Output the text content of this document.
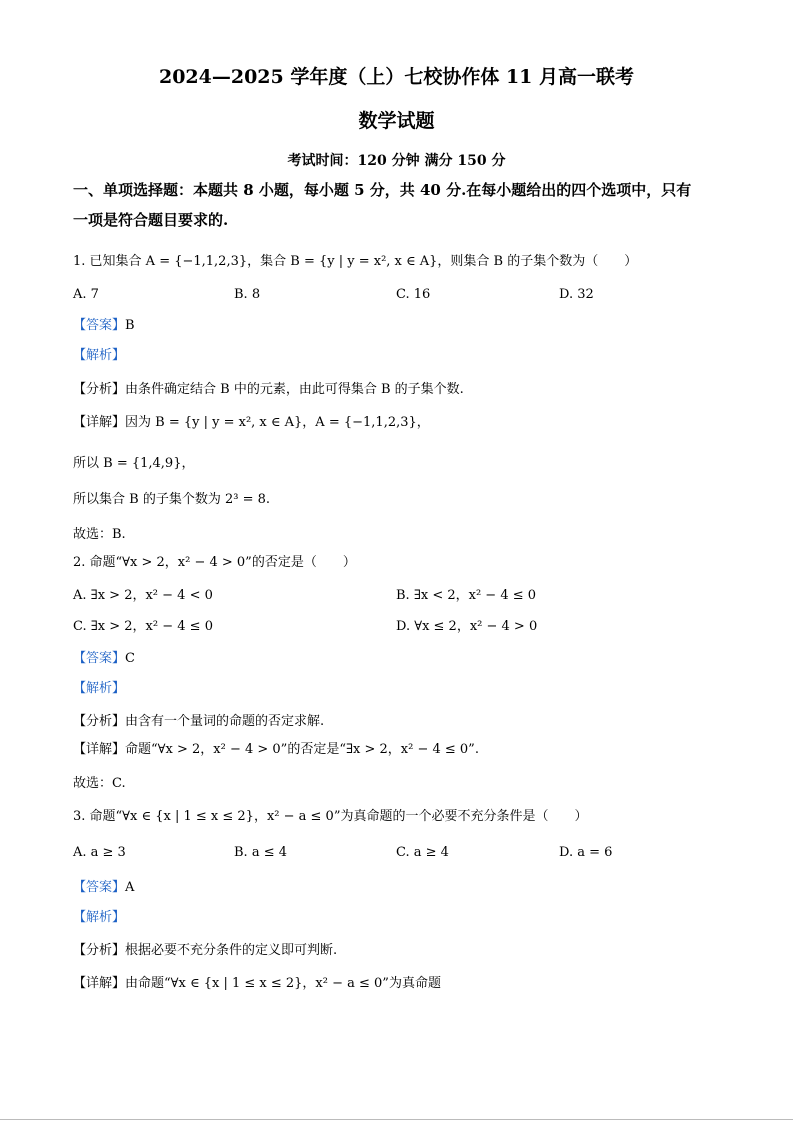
2024—2025 学年度（上）七校协作体 11 月高一联考
数学试题
考试时间：120 分钟 满分 150 分
一、单项选择题：本题共 8 小题，每小题 5 分，共 40 分.在每小题给出的四个选项中，只有
一项是符合题目要求的.
1. 已知集合 A = {−1,1,2,3}，集合 B = {y | y = x², x ∈ A}，则集合 B 的子集个数为（　　）
A. 7	B. 8	C. 16	D. 32
【答案】B
【解析】
【分析】由条件确定结合 B 中的元素，由此可得集合 B 的子集个数.
【详解】因为 B = {y | y = x², x ∈ A}，A = {−1,1,2,3}，
所以 B = {1,4,9}，
所以集合 B 的子集个数为 2³ = 8.
故选：B.
2. 命题“∀x > 2，x² − 4 > 0”的否定是（　　）
A. ∃x > 2，x² − 4 < 0	B. ∃x < 2，x² − 4 ≤ 0
C. ∃x > 2，x² − 4 ≤ 0	D. ∀x ≤ 2，x² − 4 > 0
【答案】C
【解析】
【分析】由含有一个量词的命题的否定求解.
【详解】命题“∀x > 2，x² − 4 > 0”的否定是“∃x > 2，x² − 4 ≤ 0”.
故选：C.
3. 命题“∀x ∈ {x | 1 ≤ x ≤ 2}，x² − a ≤ 0”为真命题的一个必要不充分条件是（　　）
A. a ≥ 3	B. a ≤ 4	C. a ≥ 4	D. a = 6
【答案】A
【解析】
【分析】根据必要不充分条件的定义即可判断.
【详解】由命题“∀x ∈ {x | 1 ≤ x ≤ 2}，x² − a ≤ 0”为真命题
